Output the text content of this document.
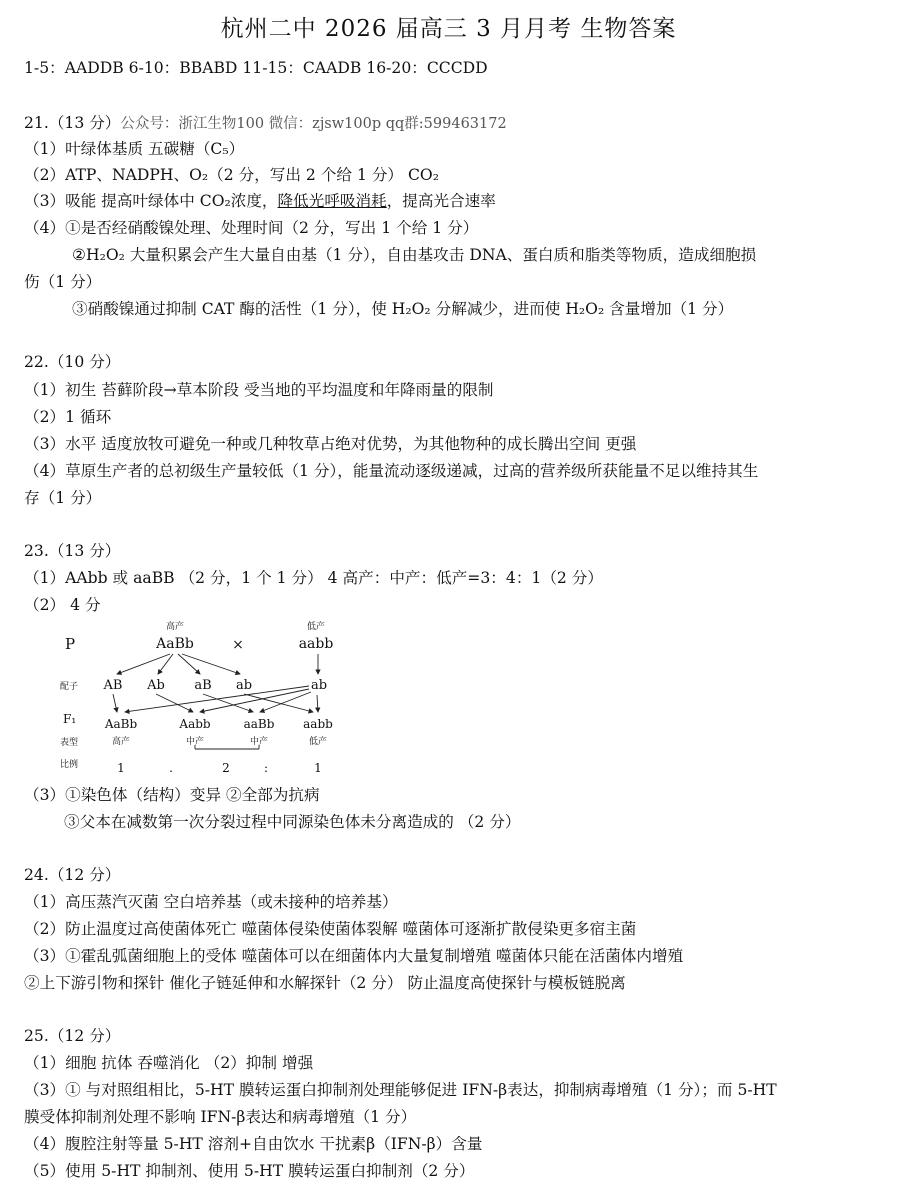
杭州二中 2026 届高三 3 月月考 生物答案
1-5：AADDB 6-10：BBABD 11-15：CAADB 16-20：CCCDD
21.（13 分）公众号：浙江生物100 微信：zjsw100p qq群:599463172
（1）叶绿体基质 五碳糖（C₅）
（2）ATP、NADPH、O₂（2 分，写出 2 个给 1 分） CO₂
（3）吸能 提高叶绿体中 CO₂浓度，降低光呼吸消耗，提高光合速率
（4）①是否经硝酸镍处理、处理时间（2 分，写出 1 个给 1 分）
②H₂O₂ 大量积累会产生大量自由基（1 分），自由基攻击 DNA、蛋白质和脂类等物质，造成细胞损
伤（1 分）
③硝酸镍通过抑制 CAT 酶的活性（1 分），使 H₂O₂ 分解减少，进而使 H₂O₂ 含量增加（1 分）
22.（10 分）
（1）初生 苔藓阶段→草本阶段 受当地的平均温度和年降雨量的限制
（2）1 循环
（3）水平 适度放牧可避免一种或几种牧草占绝对优势，为其他物种的成长腾出空间 更强
（4）草原生产者的总初级生产量较低（1 分），能量流动逐级递减，过高的营养级所获能量不足以维持其生
存（1 分）
23.（13 分）
（1）AAbb 或 aaBB （2 分，1 个 1 分） 4 高产：中产：低产=3：4：1（2 分）
（2） 4 分
P
高产
AaBb	×
低产
aabb
配子 AB Ab aB ab	ab
F₁ AaBb	Aabb	aaBb aabb
表型	高产	中产	中产	低产
比例	1	.	2	:	1
（3）①染色体（结构）变异 ②全部为抗病
③父本在减数第一次分裂过程中同源染色体未分离造成的 （2 分）
24.（12 分）
（1）高压蒸汽灭菌 空白培养基（或未接种的培养基）
（2）防止温度过高使菌体死亡 噬菌体侵染使菌体裂解 噬菌体可逐渐扩散侵染更多宿主菌
（3）①霍乱弧菌细胞上的受体 噬菌体可以在细菌体内大量复制增殖 噬菌体只能在活菌体内增殖
②上下游引物和探针 催化子链延伸和水解探针（2 分） 防止温度高使探针与模板链脱离
25.（12 分）
（1）细胞 抗体 吞噬消化 （2）抑制 增强
（3）① 与对照组相比，5-HT 膜转运蛋白抑制剂处理能够促进 IFN-β表达，抑制病毒增殖（1 分）；而 5-HT
膜受体抑制剂处理不影响 IFN-β表达和病毒增殖（1 分）
（4）腹腔注射等量 5-HT 溶剂+自由饮水 干扰素β（IFN-β）含量
（5）使用 5-HT 抑制剂、使用 5-HT 膜转运蛋白抑制剂（2 分）
